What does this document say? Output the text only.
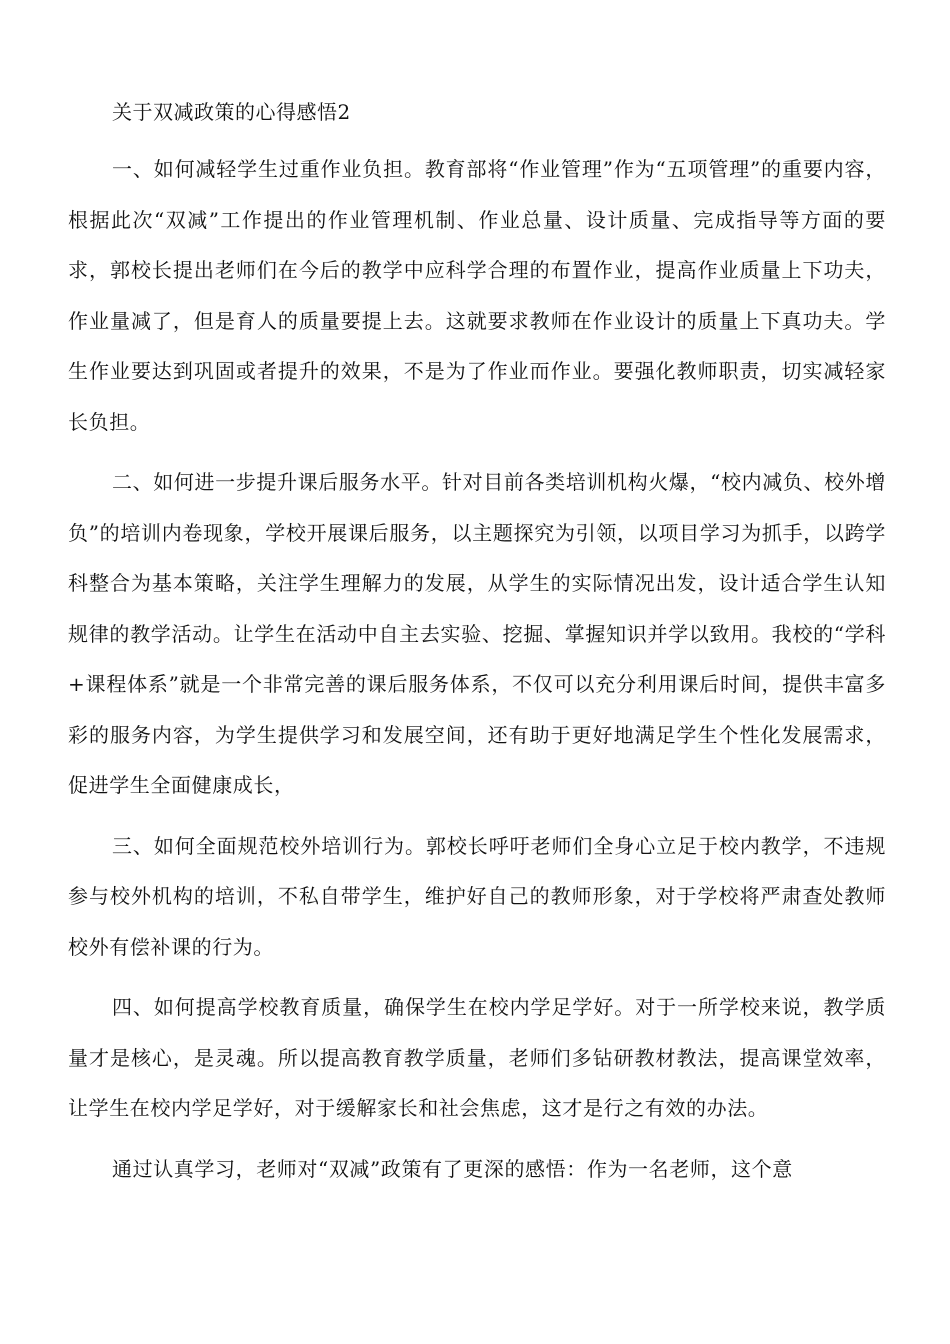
关于双减政策的心得感悟2

一、如何减轻学生过重作业负担。教育部将“作业管理”作为“五项管理”的重要内容，根据此次“双减”工作提出的作业管理机制、作业总量、设计质量、完成指导等方面的要求，郭校长提出老师们在今后的教学中应科学合理的布置作业，提高作业质量上下功夫，作业量减了，但是育人的质量要提上去。这就要求教师在作业设计的质量上下真功夫。学生作业要达到巩固或者提升的效果，不是为了作业而作业。要强化教师职责，切实减轻家长负担。

二、如何进一步提升课后服务水平。针对目前各类培训机构火爆，“校内减负、校外增负”的培训内卷现象，学校开展课后服务，以主题探究为引领，以项目学习为抓手，以跨学科整合为基本策略，关注学生理解力的发展，从学生的实际情况出发，设计适合学生认知规律的教学活动。让学生在活动中自主去实验、挖掘、掌握知识并学以致用。我校的“学科+课程体系”就是一个非常完善的课后服务体系，不仅可以充分利用课后时间，提供丰富多彩的服务内容，为学生提供学习和发展空间，还有助于更好地满足学生个性化发展需求，促进学生全面健康成长，

三、如何全面规范校外培训行为。郭校长呼吁老师们全身心立足于校内教学，不违规参与校外机构的培训，不私自带学生，维护好自己的教师形象，对于学校将严肃查处教师校外有偿补课的行为。

四、如何提高学校教育质量，确保学生在校内学足学好。对于一所学校来说，教学质量才是核心，是灵魂。所以提高教育教学质量，老师们多钻研教材教法，提高课堂效率，让学生在校内学足学好，对于缓解家长和社会焦虑，这才是行之有效的办法。

通过认真学习，老师对“双减”政策有了更深的感悟：作为一名老师，这个意
